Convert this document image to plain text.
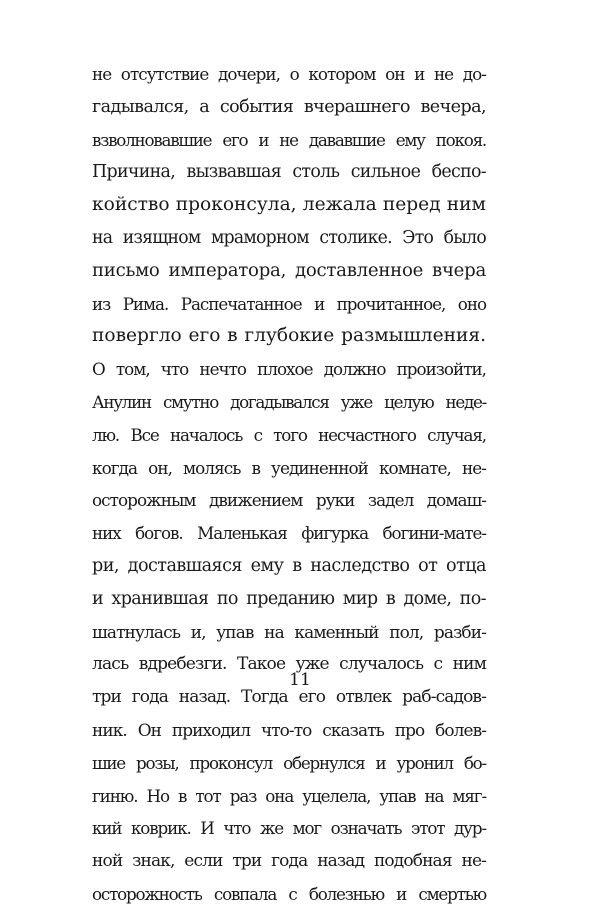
не отсутствие дочери, о котором он и не до-
гадывался, а события вчерашнего вечера,
взволновавшие его и не дававшие ему покоя.
Причина, вызвавшая столь сильное беспо-
койство проконсула, лежала перед ним
на изящном мраморном столике. Это было
письмо императора, доставленное вчера
из Рима. Распечатанное и прочитанное, оно
повергло его в глубокие размышления.
О том, что нечто плохое должно произойти,
Анулин смутно догадывался уже целую неде-
лю. Все началось с того несчастного случая,
когда он, молясь в уединенной комнате, не-
осторожным движением руки задел домаш-
них богов. Маленькая фигурка богини-мате-
ри, доставшаяся ему в наследство от отца
и хранившая по преданию мир в доме, по-
шатнулась и, упав на каменный пол, разби-
лась вдребезги. Такое уже случалось с ним
три года назад. Тогда его отвлек раб-садов-
ник. Он приходил что-то сказать про болев-
шие розы, проконсул обернулся и уронил бо-
гиню. Но в тот раз она уцелела, упав на мяг-
кий коврик. И что же мог означать этот дур-
ной знак, если три года назад подобная не-
осторожность совпала с болезнью и смертью
11
